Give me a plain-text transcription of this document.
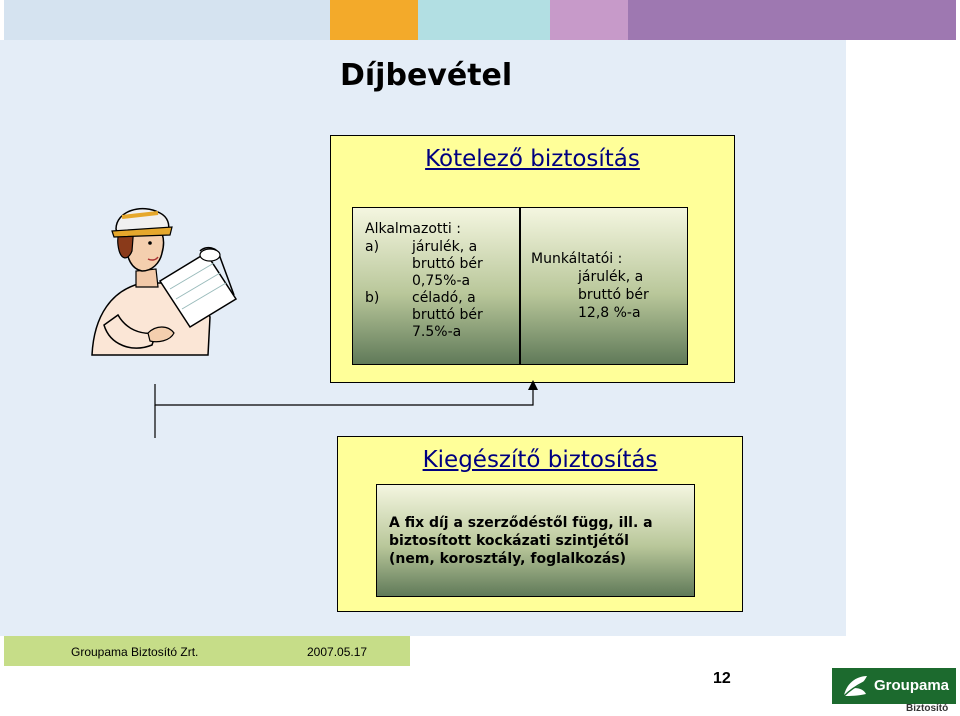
Díjbevétel
Kötelező biztosítás
Alkalmazotti :
a) járulék, a
bruttó bér
0,75%-a
b) céladó, a
bruttó bér
7.5%-a
Munkáltatói :
járulék, a
bruttó bér
12,8 %-a
Kiegészítő biztosítás
A fix díj a szerződéstől függ, ill. a
biztosított kockázati szintjétől
(nem, korosztály, foglalkozás)
Groupama Biztosító Zrt.	2007.05.17
12	Groupama
Biztosító
